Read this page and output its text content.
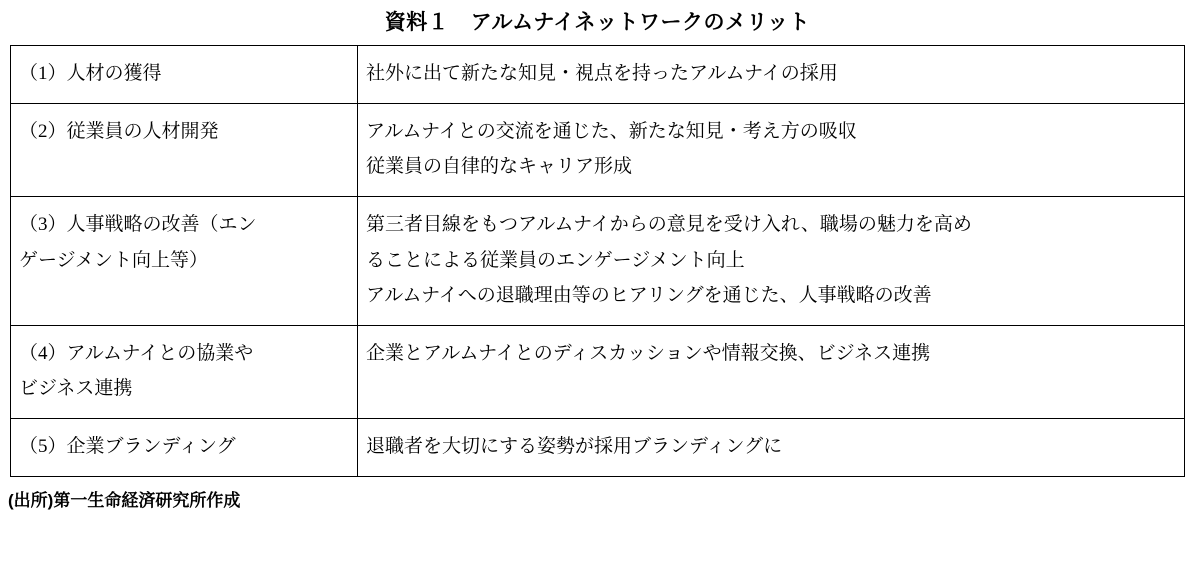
資料１　アルムナイネットワークのメリット
（1）人材の獲得	社外に出て新たな知見・視点を持ったアルムナイの採用

（2）従業員の人材開発	アルムナイとの交流を通じた、新たな知見・考え方の吸収
従業員の自律的なキャリア形成

（3）人事戦略の改善（エン
ゲージメント向上等）	第三者目線をもつアルムナイからの意見を受け入れ、職場の魅力を高め
ることによる従業員のエンゲージメント向上
アルムナイへの退職理由等のヒアリングを通じた、人事戦略の改善

（4）アルムナイとの協業や
ビジネス連携	企業とアルムナイとのディスカッションや情報交換、ビジネス連携

（5）企業ブランディング	退職者を大切にする姿勢が採用ブランディングに
(出所)第一生命経済研究所作成
